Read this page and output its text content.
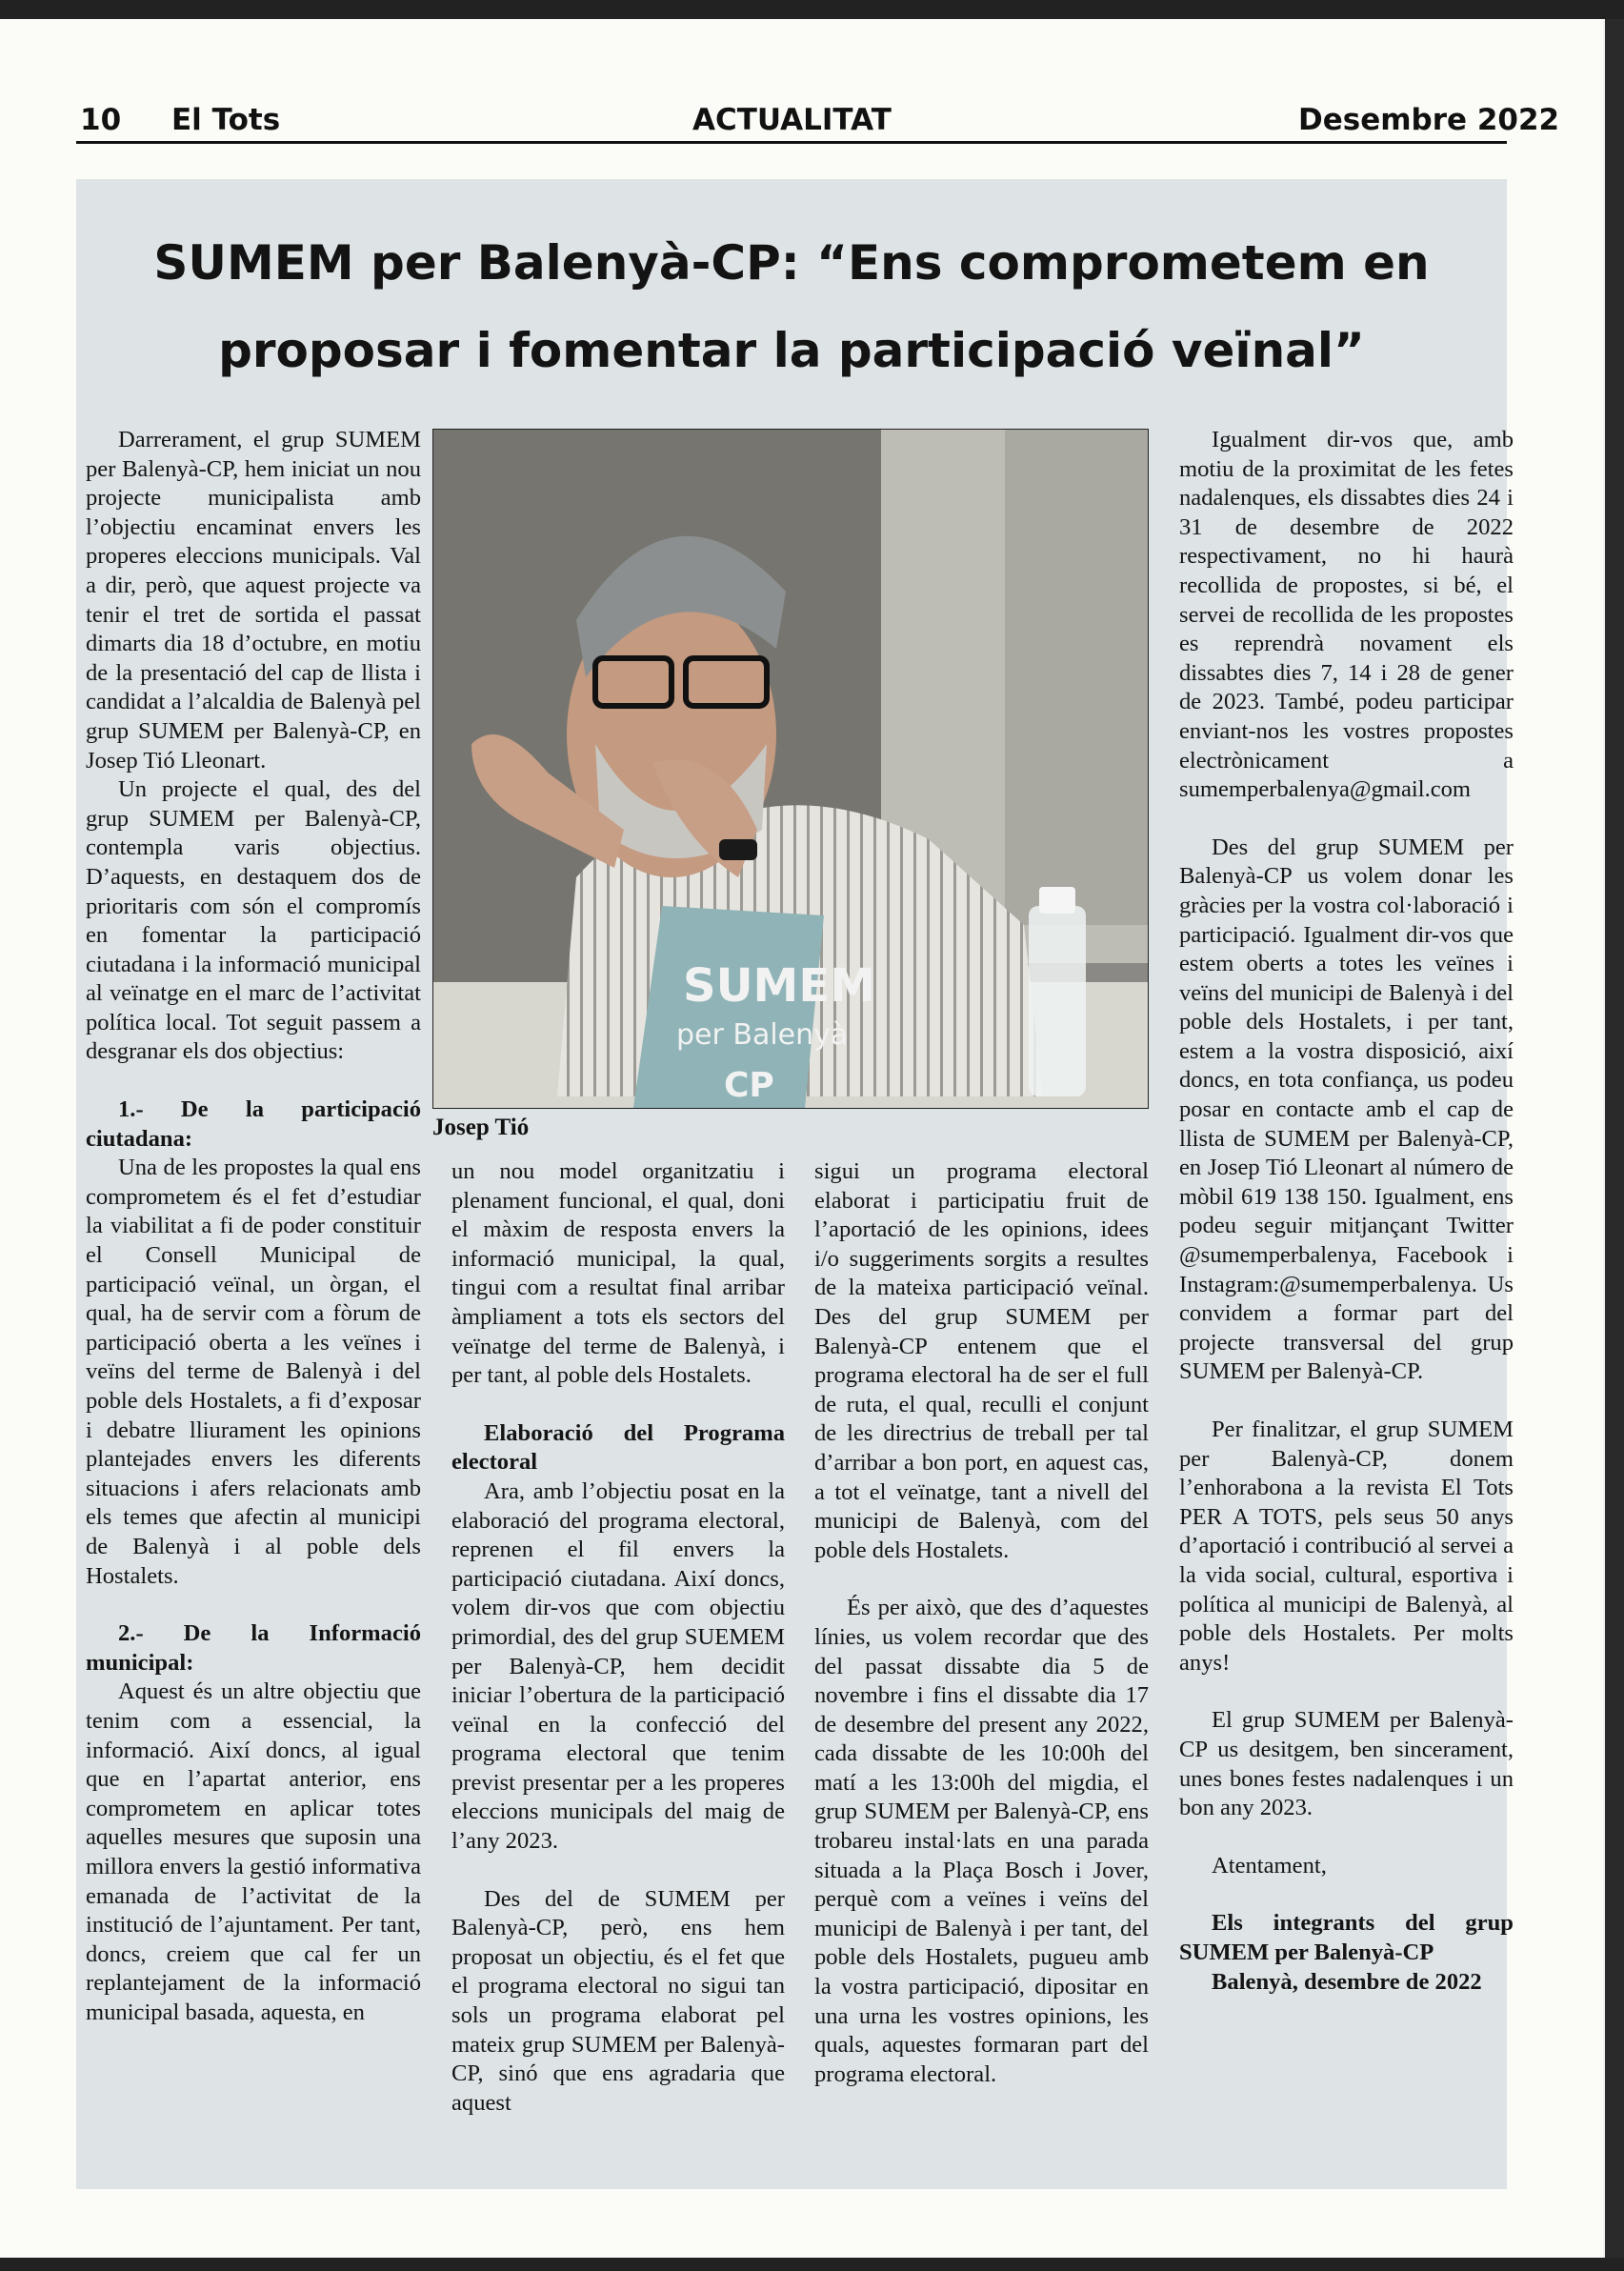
10 El Tots	ACTUALITAT	Desembre 2022
SUMEM per Balenyà-CP: “Ens comprometem en proposar i fomentar la participació veïnal”

Darrerament, el grup SUMEM per Balenyà-CP, hem iniciat un nou projecte municipalista amb l’objectiu encaminat envers les properes eleccions municipals. Val a dir, però, que aquest projecte va tenir el tret de sortida el passat dimarts dia 18 d’octubre, en motiu de la presentació del cap de llista i candidat a l’alcaldia de Balenyà pel grup SUMEM per Balenyà-CP, en Josep Tió Lleonart.

Un projecte el qual, des del grup SUMEM per Balenyà-CP, contempla varis objectius. D’aquests, en destaquem dos de prioritaris com són el compromís en fomentar la participació ciutadana i la informació municipal al veïnatge en el marc de l’activitat política local. Tot seguit passem a desgranar els dos objectius:

1.- De la participació ciutadana:

Una de les propostes la qual ens comprometem és el fet d’estudiar la viabilitat a fi de poder constituir el Consell Municipal de participació veïnal, un òrgan, el qual, ha de servir com a fòrum de participació oberta a les veïnes i veïns del terme de Balenyà i del poble dels Hostalets, a fi d’exposar i debatre lliurament les opinions plantejades envers les diferents situacions i afers relacionats amb els temes que afectin al municipi de Balenyà i al poble dels Hostalets.

2.- De la Informació municipal:

Aquest és un altre objectiu que tenim com a essencial, la informació. Així doncs, al igual que en l’apartat anterior, ens comprometem en aplicar totes aquelles mesures que suposin una millora envers la gestió informativa emanada de l’activitat de la institució de l’ajuntament. Per tant, doncs, creiem que cal fer un replantejament de la informació municipal basada, aquesta, en

SUMEM
per Balenyà
CP
Josep Tió

un nou model organitzatiu i plenament funcional, el qual, doni el màxim de resposta envers la informació municipal, la qual, tingui com a resultat final arribar àmpliament a tots els sectors del veïnatge del terme de Balenyà, i per tant, al poble dels Hostalets.

Elaboració del Programa electoral

Ara, amb l’objectiu posat en la elaboració del programa electoral, reprenen el fil envers la participació ciutadana. Així doncs, volem dir-vos que com objectiu primordial, des del grup SUEMEM per Balenyà-CP, hem decidit iniciar l’obertura de la participació veïnal en la confecció del programa electoral que tenim previst presentar per a les properes eleccions municipals del maig de l’any 2023.

Des del de SUMEM per Balenyà-CP, però, ens hem proposat un objectiu, és el fet que el programa electoral no sigui tan sols un programa elaborat pel mateix grup SUMEM per Balenyà-CP, sinó que ens agradaria que aquest

sigui un programa electoral elaborat i participatiu fruit de l’aportació de les opinions, idees i/o suggeriments sorgits a resultes de la mateixa participació veïnal. Des del grup SUMEM per Balenyà-CP entenem que el programa electoral ha de ser el full de ruta, el qual, reculli el conjunt de les directrius de treball per tal d’arribar a bon port, en aquest cas, a tot el veïnatge, tant a nivell del municipi de Balenyà, com del poble dels Hostalets.

És per això, que des d’aquestes línies, us volem recordar que des del passat dissabte dia 5 de novembre i fins el dissabte dia 17 de desembre del present any 2022, cada dissabte de les 10:00h del matí a les 13:00h del migdia, el grup SUMEM per Balenyà-CP, ens trobareu instal·lats en una parada situada a la Plaça Bosch i Jover, perquè com a veïnes i veïns del municipi de Balenyà i per tant, del poble dels Hostalets, pugueu amb la vostra participació, dipositar en una urna les vostres opinions, les quals, aquestes formaran part del programa electoral.

Igualment dir-vos que, amb motiu de la proximitat de les fetes nadalenques, els dissabtes dies 24 i 31 de desembre de 2022 respectivament, no hi haurà recollida de propostes, si bé, el servei de recollida de les propostes es reprendrà novament els dissabtes dies 7, 14 i 28 de gener de 2023. També, podeu participar enviant-nos les vostres propostes electrònicament a sumemperbalenya@gmail.com

Des del grup SUMEM per Balenyà-CP us volem donar les gràcies per la vostra col·laboració i participació. Igualment dir-vos que estem oberts a totes les veïnes i veïns del municipi de Balenyà i del poble dels Hostalets, i per tant, estem a la vostra disposició, així doncs, en tota confiança, us podeu posar en contacte amb el cap de llista de SUMEM per Balenyà-CP, en Josep Tió Lleonart al número de mòbil 619 138 150. Igualment, ens podeu seguir mitjançant Twitter @sumemperbalenya, Facebook i Instagram:@sumemperbalenya. Us convidem a formar part del projecte transversal del grup SUMEM per Balenyà-CP.

Per finalitzar, el grup SUMEM per Balenyà-CP, donem l’enhorabona a la revista El Tots PER A TOTS, pels seus 50 anys d’aportació i contribució al servei a la vida social, cultural, esportiva i política al municipi de Balenyà, al poble dels Hostalets. Per molts anys!

El grup SUMEM per Balenyà-CP us desitgem, ben sincerament, unes bones festes nadalenques i un bon any 2023.

Atentament,

Els integrants del grup SUMEM per Balenyà-CP

Balenyà, desembre de 2022
